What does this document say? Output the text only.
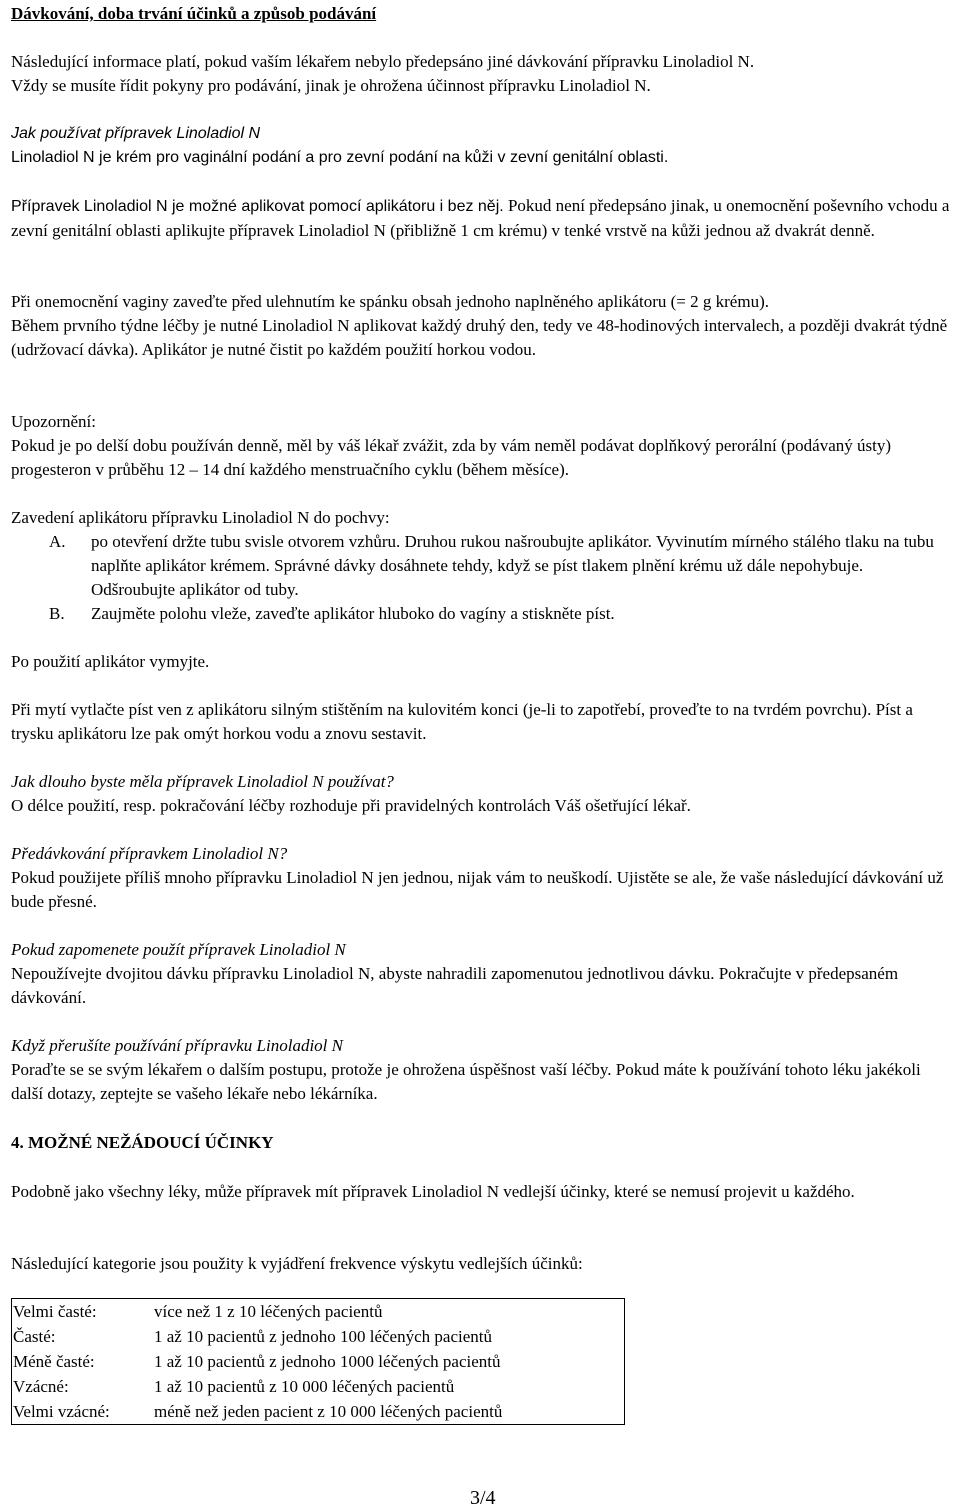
Dávkování, doba trvání účinků a způsob podávání

Následující informace platí, pokud vaším lékařem nebylo předepsáno jiné dávkování přípravku Linoladiol N.

Vždy se musíte řídit pokyny pro podávání, jinak je ohrožena účinnost přípravku Linoladiol N.

Jak používat přípravek Linoladiol N

Linoladiol N je krém pro vaginální podání a pro zevní podání na kůži v zevní genitální oblasti.

Přípravek Linoladiol N je možné aplikovat pomocí aplikátoru i bez něj. Pokud není předepsáno jinak, u onemocnění poševního vchodu a zevní genitální oblasti aplikujte přípravek Linoladiol N (přibližně 1 cm krému) v tenké vrstvě na kůži jednou až dvakrát denně.

Při onemocnění vaginy zaveďte před ulehnutím ke spánku obsah jednoho naplněného aplikátoru (= 2 g krému).

Během prvního týdne léčby je nutné Linoladiol N aplikovat každý druhý den, tedy ve 48-hodinových intervalech, a později dvakrát týdně (udržovací dávka). Aplikátor je nutné čistit po každém použití horkou vodou.

Upozornění:

Pokud je po delší dobu používán denně, měl by váš lékař zvážit, zda by vám neměl podávat doplňkový perorální (podávaný ústy) progesteron v průběhu 12 – 14 dní každého menstruačního cyklu (během měsíce).

Zavedení aplikátoru přípravku Linoladiol N do pochvy:

A. po otevření držte tubu svisle otvorem vzhůru. Druhou rukou našroubujte aplikátor. Vyvinutím mírného stálého tlaku na tubu naplňte aplikátor krémem. Správné dávky dosáhnete tehdy, když se píst tlakem plnění krému už dále nepohybuje. Odšroubujte aplikátor od tuby.
B. Zaujměte polohu vleže, zaveďte aplikátor hluboko do vagíny a stiskněte píst.

Po použití aplikátor vymyjte.

Při mytí vytlačte píst ven z aplikátoru silným stištěním na kulovitém konci (je-li to zapotřebí, proveďte to na tvrdém povrchu). Píst a trysku aplikátoru lze pak omýt horkou vodu a znovu sestavit.

Jak dlouho byste měla přípravek Linoladiol N používat?

O délce použití, resp. pokračování léčby rozhoduje při pravidelných kontrolách Váš ošetřující lékař.

Předávkování přípravkem Linoladiol N?

Pokud použijete příliš mnoho přípravku Linoladiol N jen jednou, nijak vám to neuškodí. Ujistěte se ale, že vaše následující dávkování už bude přesné.

Pokud zapomenete použít přípravek Linoladiol N

Nepoužívejte dvojitou dávku přípravku Linoladiol N, abyste nahradili zapomenutou jednotlivou dávku. Pokračujte v předepsaném dávkování.

Když přerušíte používání přípravku Linoladiol N

Poraďte se se svým lékařem o dalším postupu, protože je ohrožena úspěšnost vaší léčby. Pokud máte k používání tohoto léku jakékoli další dotazy, zeptejte se vašeho lékaře nebo lékárníka.

4. MOŽNÉ NEŽÁDOUCÍ ÚČINKY

Podobně jako všechny léky, může přípravek mít přípravek Linoladiol N vedlejší účinky, které se nemusí projevit u každého.

Následující kategorie jsou použity k vyjádření frekvence výskytu vedlejších účinků:

Velmi časté:	více než 1 z 10 léčených pacientů
Časté:	1 až 10 pacientů z jednoho 100 léčených pacientů
Méně časté:	1 až 10 pacientů z jednoho 1000 léčených pacientů
Vzácné:	1 až 10 pacientů z 10 000 léčených pacientů
Velmi vzácné:	méně než jeden pacient z 10 000 léčených pacientů

3/4
